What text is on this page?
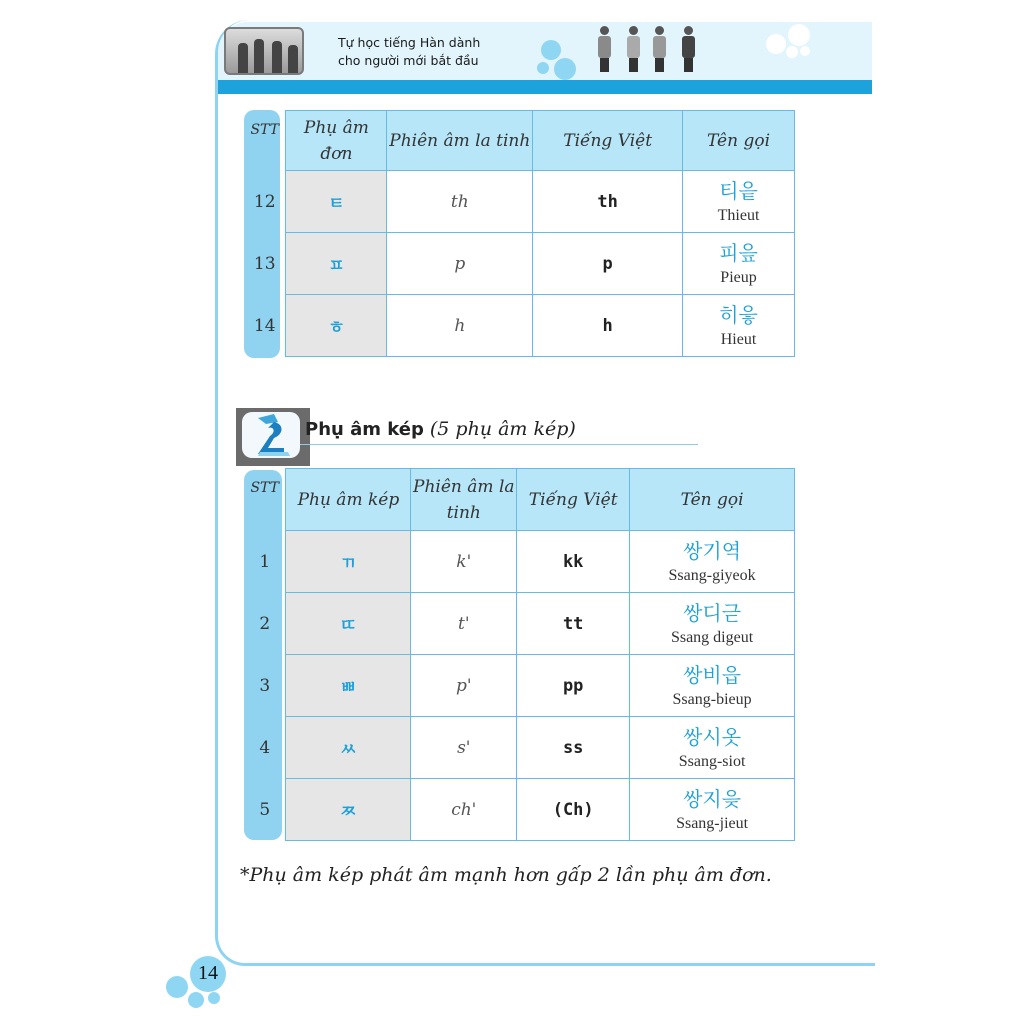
Tự học tiếng Hàn dành
cho người mới bắt đầu
STT	Phụ âm đơn	Phiên âm la tinh	Tiếng Việt	Tên gọi
12	ㅌ	th	th	티읕
Thieut

13	ㅍ	p	p	피읖
Pieup

14	ㅎ	h	h	히읗
Hieut
Phụ âm kép (5 phụ âm kép)
STT	Phụ âm kép	Phiên âm la tinh	Tiếng Việt	Tên gọi
1	ㄲ	k'	kk	쌍기역
Ssang-giyeok

2	ㄸ	t'	tt	쌍디귿
Ssang digeut

3	ㅃ	p'	pp	쌍비읍
Ssang-bieup

4	ㅆ	s'	ss	쌍시옷
Ssang-siot

5	ㅉ	ch'	(Ch)	쌍지읒
Ssang-jieut
*Phụ âm kép phát âm mạnh hơn gấp 2 lần phụ âm đơn.
14
